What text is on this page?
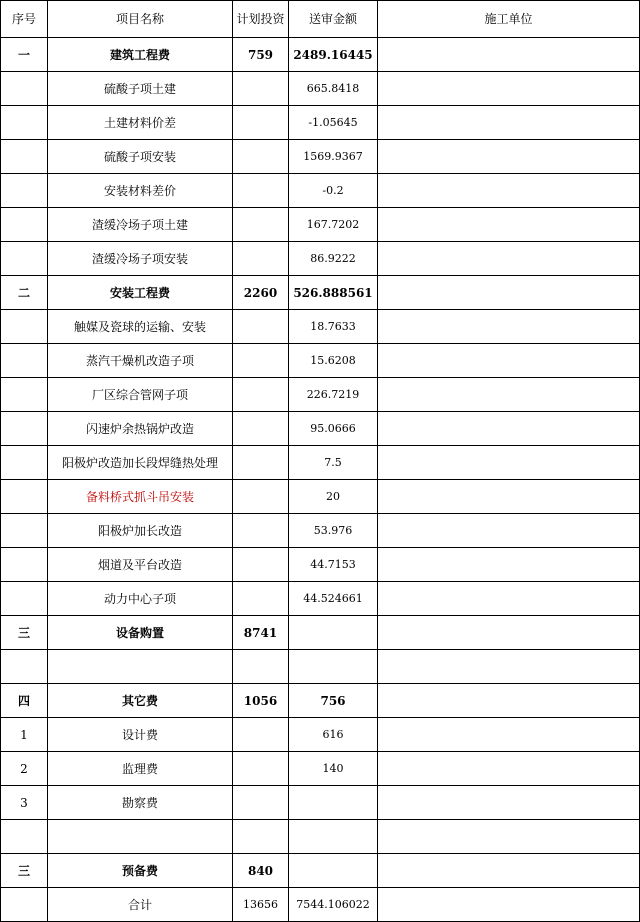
序号	项目名称	计划投资	送审金额	施工单位
一	建筑工程费	759	2489.16445	
	硫酸子项土建		665.8418	
	土建材料价差		-1.05645	
	硫酸子项安装		1569.9367	
	安装材料差价		-0.2	
	渣缓冷场子项土建		167.7202	
	渣缓冷场子项安装		86.9222	
二	安装工程费	2260	526.888561	
	触媒及瓷球的运输、安装		18.7633	
	蒸汽干燥机改造子项		15.6208	
	厂区综合管网子项		226.7219	
	闪速炉余热锅炉改造		95.0666	
	阳极炉改造加长段焊缝热处理		7.5	
	备料桥式抓斗吊安装		20	
	阳极炉加长改造		53.976	
	烟道及平台改造		44.7153	
	动力中心子项		44.524661	
三	设备购置	8741		

四	其它费	1056	756	
1	设计费		616	
2	监理费		140	
3	勘察费			

三	预备费	840		
	合计	13656	7544.106022	
